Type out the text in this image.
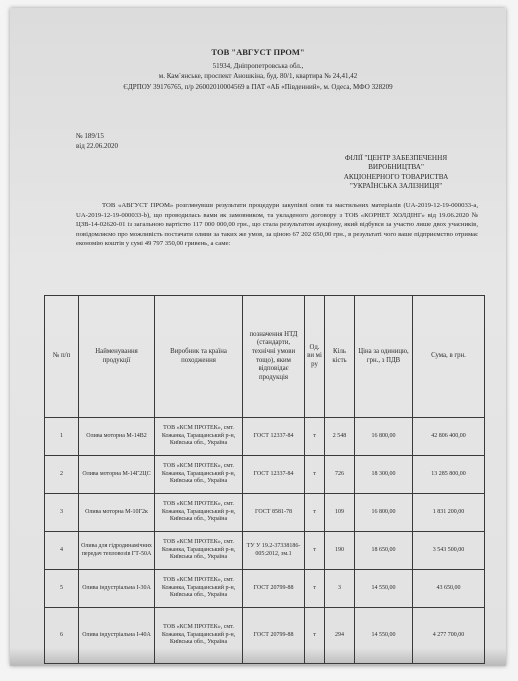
ТОВ "АВГУСТ ПРОМ"
51934, Дніпропетровська обл.,
м. Кам`янське, проспект Аношкіна, буд. 80/1, квартира № 24,41,42
ЄДРПОУ 39176765, п/р 26002010004569 в ПАТ «АБ «Південний», м. Одеса, МФО 328209
№ 189/15
від 22.06.2020
ФІЛІЇ "ЦЕНТР ЗАБЕЗПЕЧЕННЯ
ВИРОБНИЦТВА"
АКЦІОНЕРНОГО ТОВАРИСТВА
"УКРАЇНСЬКА ЗАЛІЗНИЦЯ"
ТОВ «АВГУСТ ПРОМ» розглянувши результати процедури закупівлі олив та мастильних матеріалів (UA-2019-12-19-000033-а, UA-2019-12-19-000033-b), що проводилась вами як замовником, та укладеного договору з ТОВ «КОРНЕТ ХОЛДІНГ» від 19.06.2020 № ЦЗВ-14-02620-01 із загальною вартістю 117 000 000,00 грн., що стала результатом аукціону, який відбувся за участю лише двох учасників, повідомляємо про можливість постачати оливи за таких же умов, за ціною 67 202 650,00 грн., в результаті чого ваше підприємство отримає економію коштів у сумі 49 797 350,00 гривень, а саме:
№ п/п	Найменування продукції	Виробник та країна походження	позначення НТД (стандарти, технічні умови тощо), яким відповідає продукція	Од. ви мі ру	Кіль кість	Ціна за одиницю, грн., з ПДВ	Сума, в грн.
1	Олива моторна М-14В2	ТОВ «КСМ ПРОТЕК», смт. Кожанка, Таращанський р-н, Київська обл., Україна	ГОСТ 12337-84	т	2 548	16 800,00	42 806 400,00
2	Олива моторна М-14Г2ЦС	ТОВ «КСМ ПРОТЕК», смт. Кожанка, Таращанський р-н, Київська обл., Україна	ГОСТ 12337-84	т	726	18 300,00	13 285 800,00
3	Олива моторна М-10Г2к	ТОВ «КСМ ПРОТЕК», смт. Кожанка, Таращанський р-н, Київська обл., Україна	ГОСТ 8581-78	т	109	16 800,00	1 831 200,00
4	Олива для гідродинамічних передач тепловозів ГТ-50А	ТОВ «КСМ ПРОТЕК», смт. Кожанка, Таращанський р-н, Київська обл., Україна	ТУ У 19.2-37338186-005:2012, зм.1	т	190	18 650,00	3 543 500,00
5	Олива індустріальна І-30А	ТОВ «КСМ ПРОТЕК», смт. Кожанка, Таращанський р-н, Київська обл., Україна	ГОСТ 20799-88	т	3	14 550,00	43 650,00
6	Олива індустріальна І-40А	ТОВ «КСМ ПРОТЕК», смт. Кожанка, Таращанський р-н, Київська обл., Україна	ГОСТ 20799-88	т	294	14 550,00	4 277 700,00
